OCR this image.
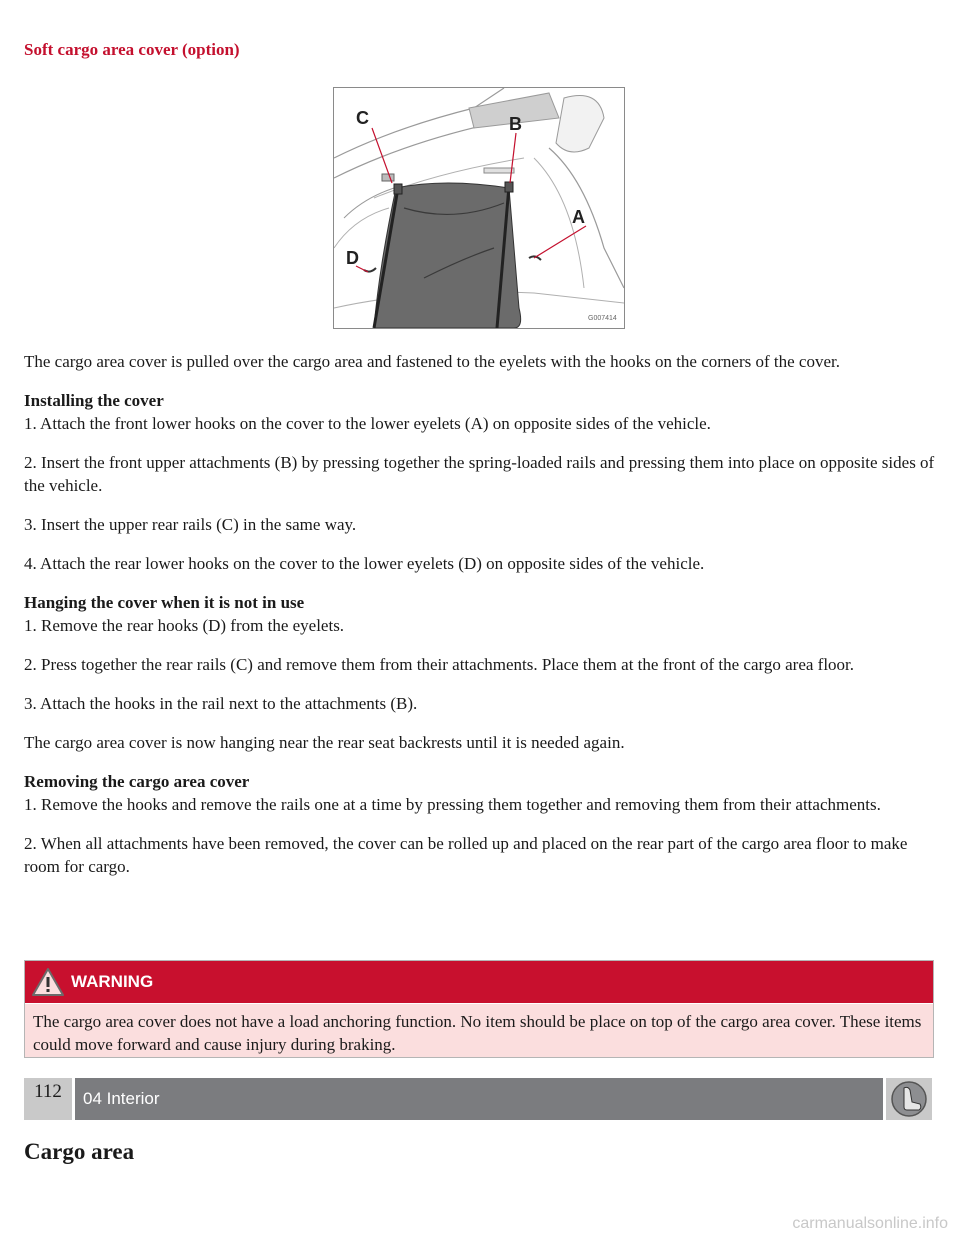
Soft cargo area cover (option)
C	B
A
D
G007414

The cargo area cover is pulled over the cargo area and fastened to the eyelets with the hooks on the corners of the cover.

Installing the cover
1. Attach the front lower hooks on the cover to the lower eyelets (A) on opposite sides of the vehicle.

2. Insert the front upper attachments (B) by pressing together the spring-loaded rails and pressing them into place on opposite sides of the vehicle.

3. Insert the upper rear rails (C) in the same way.

4. Attach the rear lower hooks on the cover to the lower eyelets (D) on opposite sides of the vehicle.

Hanging the cover when it is not in use
1. Remove the rear hooks (D) from the eyelets.

2. Press together the rear rails (C) and remove them from their attachments. Place them at the front of the cargo area floor.

3. Attach the hooks in the rail next to the attachments (B).

The cargo area cover is now hanging near the rear seat backrests until it is needed again.

Removing the cargo area cover
1. Remove the hooks and remove the rails one at a time by pressing them together and removing them from their attachments.

2. When all attachments have been removed, the cover can be rolled up and placed on the rear part of the cargo area floor to make room for cargo.

WARNING
The cargo area cover does not have a load anchoring function. No item should be place on top of the cargo area cover. These items could move forward and cause injury during braking.
112	04 Interior
Cargo area
carmanualsonline.info
